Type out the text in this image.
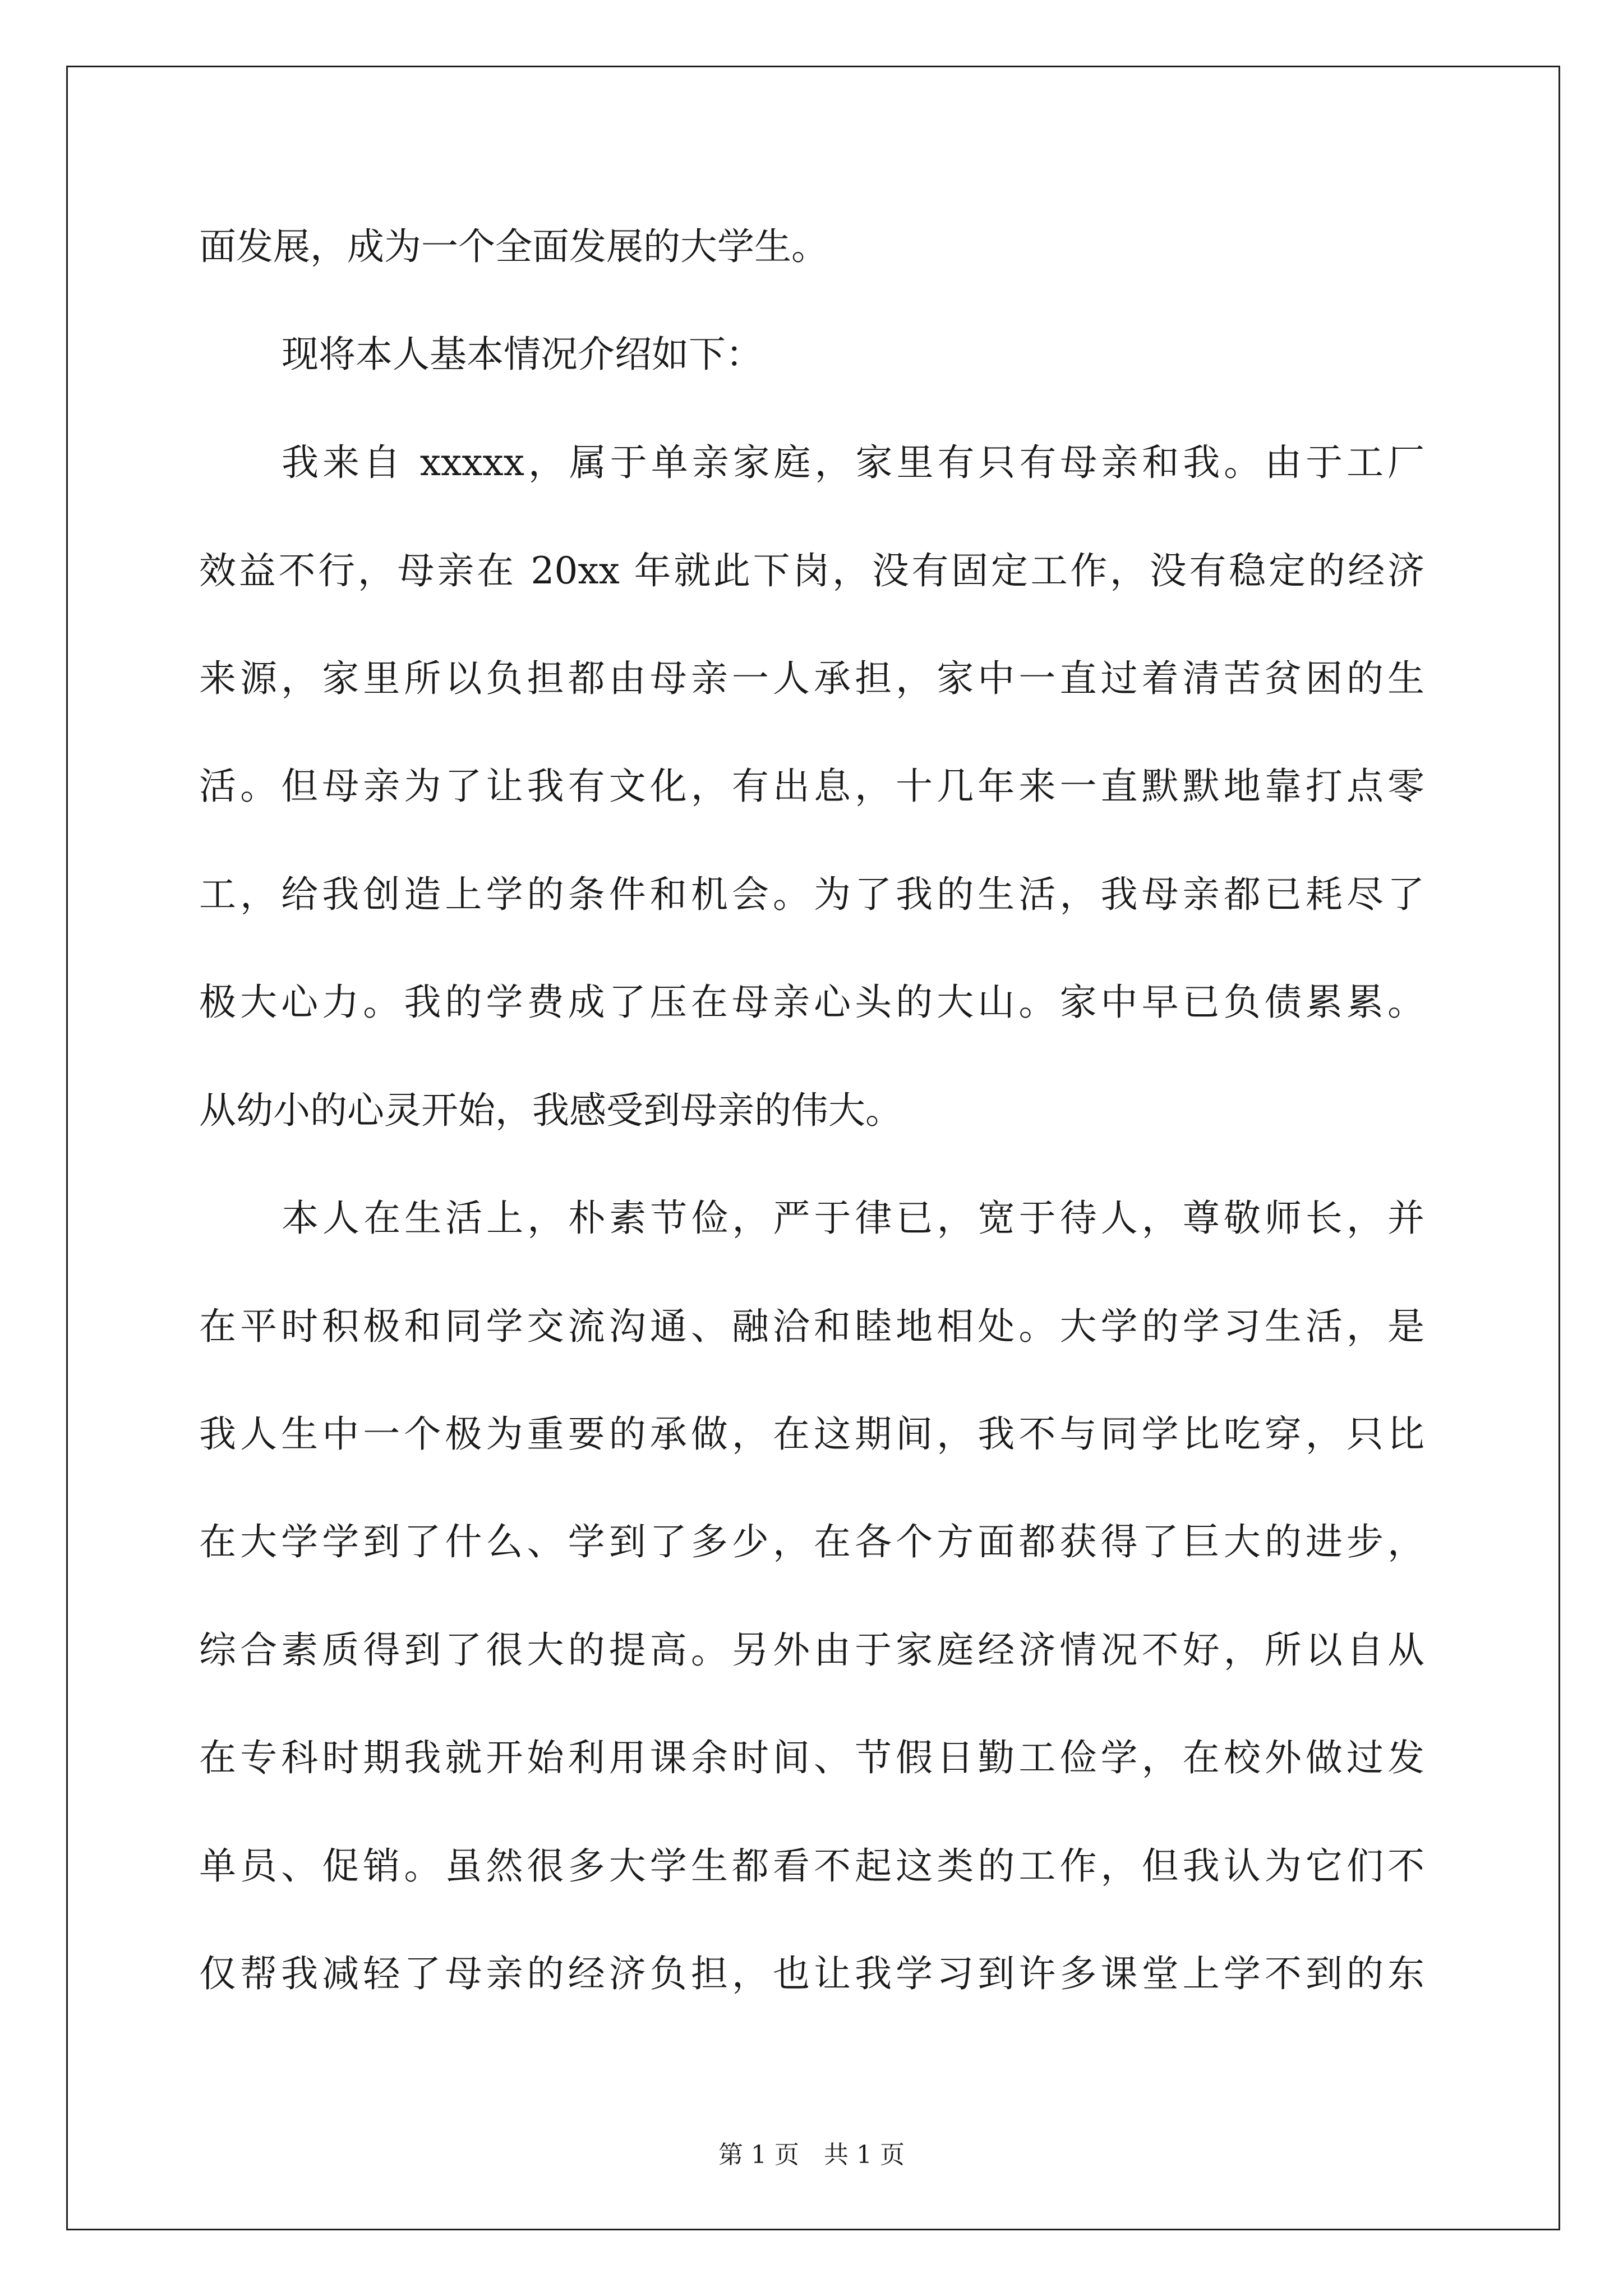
面发展，成为一个全面发展的大学生。
现将本人基本情况介绍如下：
我来自 xxxxx，属于单亲家庭，家里有只有母亲和我。由于工厂
效益不行，母亲在 20xx 年就此下岗，没有固定工作，没有稳定的经济
来源，家里所以负担都由母亲一人承担，家中一直过着清苦贫困的生
活。但母亲为了让我有文化，有出息，十几年来一直默默地靠打点零
工，给我创造上学的条件和机会。为了我的生活，我母亲都已耗尽了
极大心力。我的学费成了压在母亲心头的大山。家中早已负债累累。
从幼小的心灵开始，我感受到母亲的伟大。
本人在生活上，朴素节俭，严于律已，宽于待人，尊敬师长，并
在平时积极和同学交流沟通、融洽和睦地相处。大学的学习生活，是
我人生中一个极为重要的承做，在这期间，我不与同学比吃穿，只比
在大学学到了什么、学到了多少，在各个方面都获得了巨大的进步，
综合素质得到了很大的提高。另外由于家庭经济情况不好，所以自从
在专科时期我就开始利用课余时间、节假日勤工俭学，在校外做过发
单员、促销。虽然很多大学生都看不起这类的工作，但我认为它们不
仅帮我减轻了母亲的经济负担，也让我学习到许多课堂上学不到的东
第 1 页　共 1 页
